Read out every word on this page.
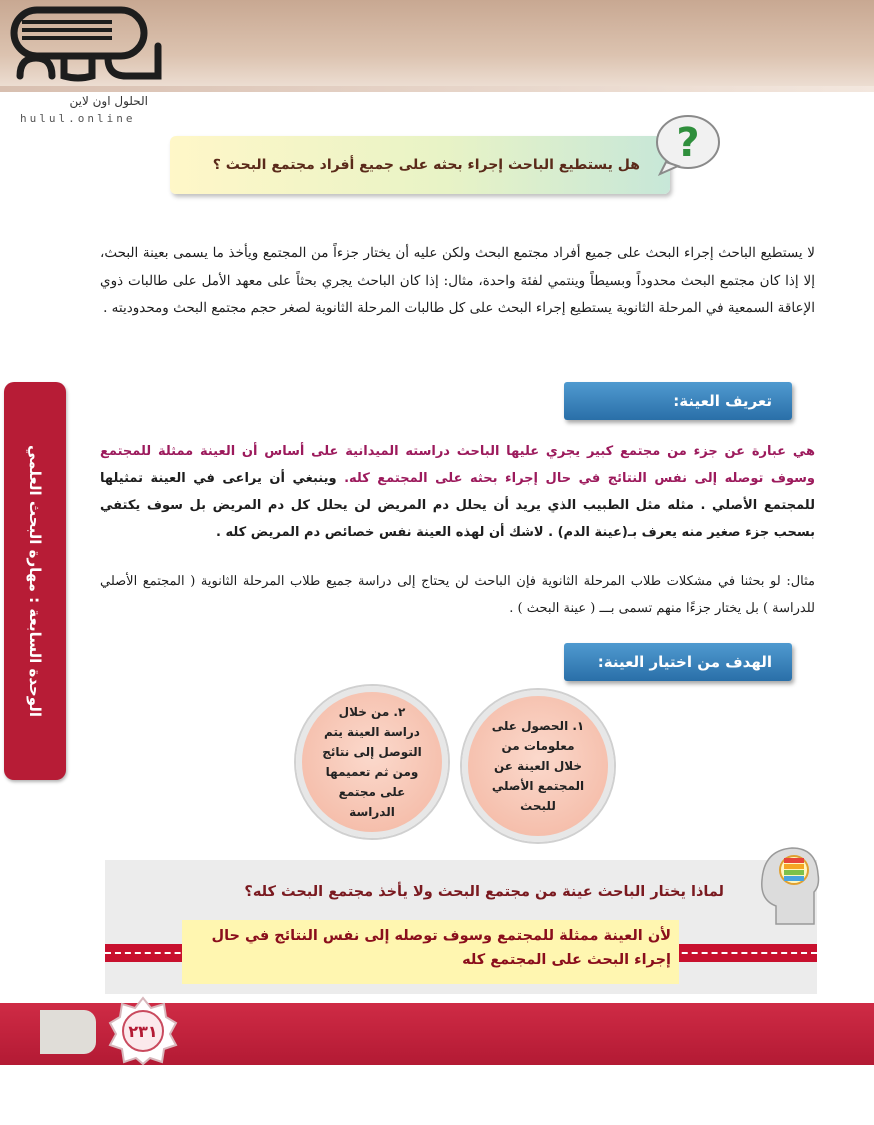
الحلول اون لاين
hulul.online
هل يستطيع الباحث إجراء بحثه على جميع أفراد مجتمع البحث ؟ ?

لا يستطيع الباحث إجراء البحث على جميع أفراد مجتمع البحث ولكن عليه أن يختار جزءاً من المجتمع ويأخذ ما يسمى بعينة البحث، إلا إذا كان مجتمع البحث محدوداً وبسيطاً وينتمي لفئة واحدة، مثال: إذا كان الباحث يجري بحثاً على معهد الأمل على طالبات ذوي الإعاقة السمعية في المرحلة الثانوية يستطيع إجراء البحث على كل طالبات المرحلة الثانوية لصغر حجم مجتمع البحث ومحدوديته .

تعريف العينة:

هي عبارة عن جزء من مجتمع كبير يجري عليها الباحث دراسته الميدانية على أساس أن العينة ممثلة للمجتمع وسوف توصله إلى نفس النتائج في حال إجراء بحثه على المجتمع كله. وينبغي أن يراعى في العينة تمثيلها للمجتمع الأصلي . مثله مثل الطبيب الذي يريد أن يحلل دم المريض لن يحلل كل دم المريض بل سوف يكتفي بسحب جزء صغير منه يعرف بـ(عينة الدم) . لاشك أن لهذه العينة نفس خصائص دم المريض كله .

مثال: لو بحثنا في مشكلات طلاب المرحلة الثانوية فإن الباحث لن يحتاج إلى دراسة جميع طلاب المرحلة الثانوية ( المجتمع الأصلي للدراسة ) بل يختار جزءًا منهم تسمى بـــ ( عينة البحث ) .

الهدف من اختيار العينة:
الوحدة السابعة : مهارة البحث العلمي
١. الحصول على معلومات من خلال العينة عن المجتمع الأصلي للبحث
٢. من خلال دراسة العينة يتم التوصل إلى نتائج ومن ثم تعميمها على مجتمع الدراسة
لماذا يختار الباحث عينة من مجتمع البحث ولا يأخذ مجتمع البحث كله؟
لأن العينة ممثلة للمجتمع وسوف توصله إلى نفس النتائج في حال إجراء البحث على المجتمع كله
٢٣١
